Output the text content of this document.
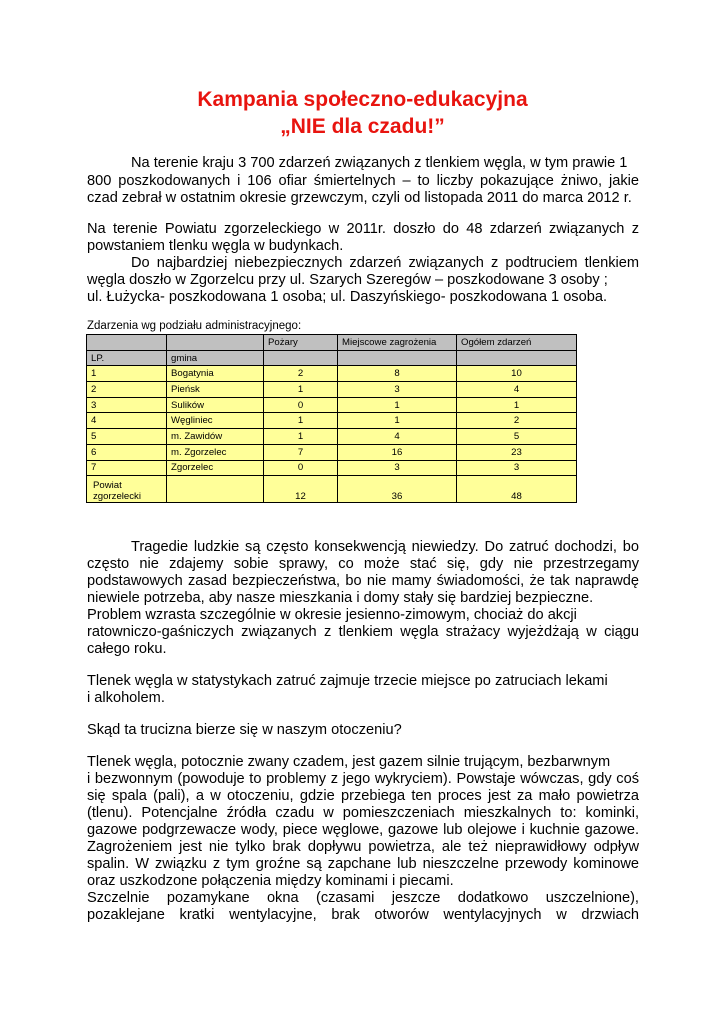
Kampania społeczno-edukacyjna
„NIE dla czadu!”
Na terenie kraju 3 700 zdarzeń związanych z tlenkiem węgla, w tym prawie 1
800 poszkodowanych i 106 ofiar śmiertelnych – to liczby pokazujące żniwo, jakie
czad zebrał w ostatnim okresie grzewczym, czyli od listopada 2011 do marca 2012 r.
Na terenie Powiatu zgorzeleckiego w 2011r. doszło do 48 zdarzeń związanych z
powstaniem tlenku węgla w budynkach.
Do najbardziej niebezpiecznych zdarzeń związanych z podtruciem tlenkiem
węgla doszło w Zgorzelcu przy ul. Szarych Szeregów – poszkodowane 3 osoby ;
ul. Łużycka- poszkodowana 1 osoba; ul. Daszyńskiego- poszkodowana 1 osoba.
Zdarzenia wg podziału administracyjnego:
		Pożary	Miejscowe zagrożenia	Ogółem zdarzeń
LP.	gmina			
1	Bogatynia	2	8	10
2	Pieńsk	1	3	4
3	Sulików	0	1	1
4	Węgliniec	1	1	2
5	m. Zawidów	1	4	5
6	m. Zgorzelec	7	16	23
7	Zgorzelec	0	3	3
Powiat
zgorzelecki		12	36	48
Tragedie ludzkie są często konsekwencją niewiedzy. Do zatruć dochodzi, bo
często nie zdajemy sobie sprawy, co może stać się, gdy nie przestrzegamy
podstawowych zasad bezpieczeństwa, bo nie mamy świadomości, że tak naprawdę
niewiele potrzeba, aby nasze mieszkania i domy stały się bardziej bezpieczne.
Problem wzrasta szczególnie w okresie jesienno-zimowym, chociaż do akcji
ratowniczo-gaśniczych związanych z tlenkiem węgla strażacy wyjeżdżają w ciągu
całego roku.
Tlenek węgla w statystykach zatruć zajmuje trzecie miejsce po zatruciach lekami
i alkoholem.
Skąd ta trucizna bierze się w naszym otoczeniu?
Tlenek węgla, potocznie zwany czadem, jest gazem silnie trującym, bezbarwnym
i bezwonnym (powoduje to problemy z jego wykryciem). Powstaje wówczas, gdy coś
się spala (pali), a w otoczeniu, gdzie przebiega ten proces jest za mało powietrza
(tlenu). Potencjalne źródła czadu w pomieszczeniach mieszkalnych to: kominki,
gazowe podgrzewacze wody, piece węglowe, gazowe lub olejowe i kuchnie gazowe.
Zagrożeniem jest nie tylko brak dopływu powietrza, ale też nieprawidłowy odpływ
spalin. W związku z tym groźne są zapchane lub nieszczelne przewody kominowe
oraz uszkodzone połączenia między kominami i piecami.
Szczelnie pozamykane okna (czasami jeszcze dodatkowo uszczelnione),
pozaklejane kratki wentylacyjne, brak otworów wentylacyjnych w drzwiach
